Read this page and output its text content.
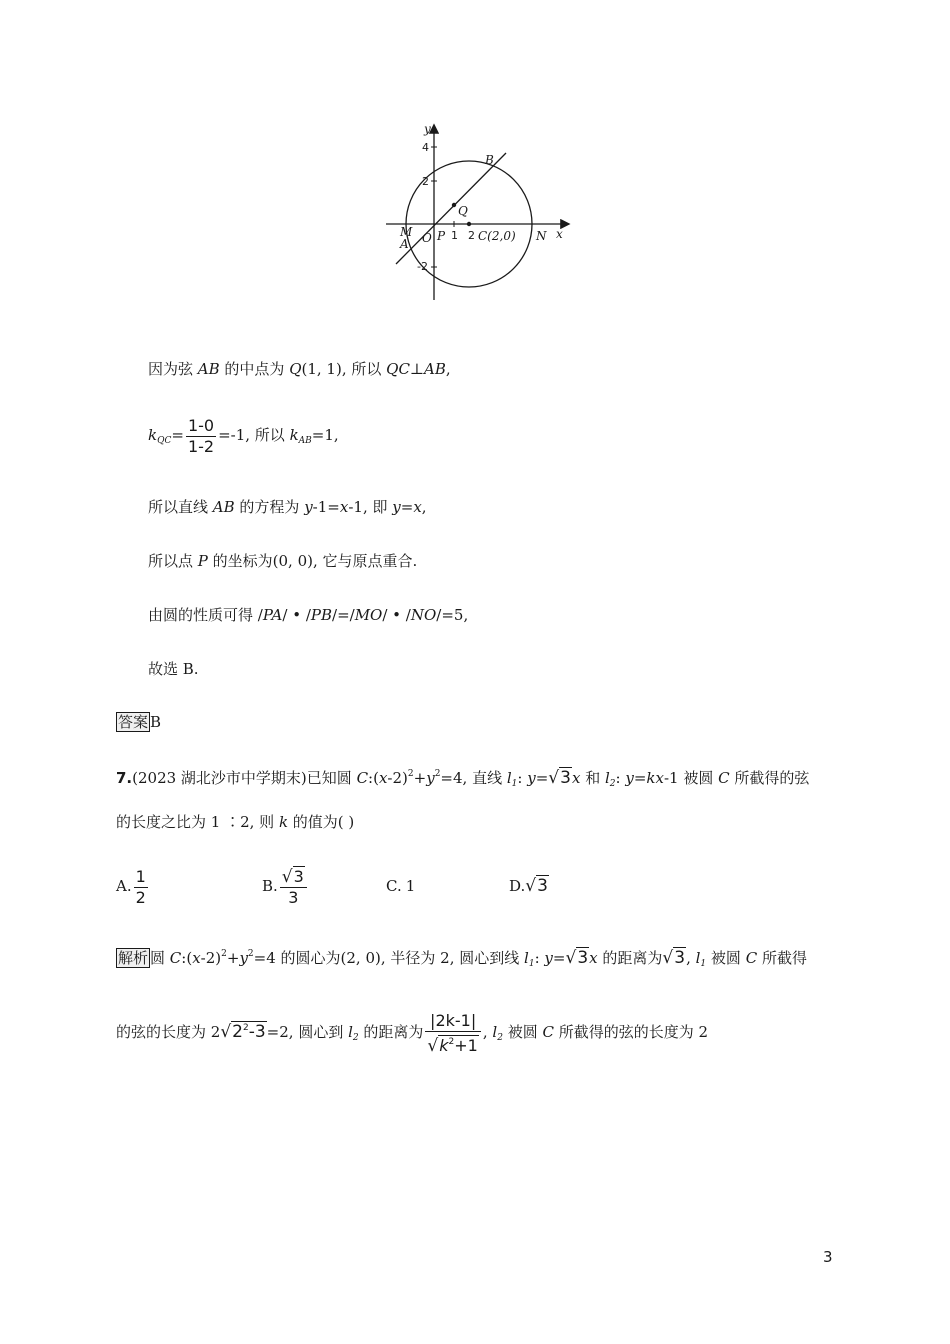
y
x
B
Q
M
A O P	C(2,0) N
4
2
-2
1 2
因为弦 AB 的中点为 Q(1, 1), 所以 QC⊥AB,
$k_{QC}= \frac{1-0}{1-2} =-1$, 所以 $k_{AB}=1$,
所以直线 AB 的方程为 y-1=x-1, 即 y=x,
所以点 P 的坐标为(0, 0), 它与原点重合.
由圆的性质可得 /PA/ • /PB/=/MO/ • /NO/=5,
故选 B.
答案 B
7.(2023 湖北沙市中学期末)已知圆 $C:(x-2)^2+y^2=4$, 直线 $l_1$: y=√3x 和 $l_2$: y=kx-1 被圆 C 所截得的弦
的长度之比为 1 ∶2, 则 k 的值为( )
A. $\frac{1}{2}$	B. $\frac{√3}{3}$	C. 1	D.√3
解析 圆 $C:(x-2)^2+y^2=4$ 的圆心为(2, 0), 半径为 2, 圆心到线 $l_1$: y=√3x 的距离为√3, $l_1$ 被圆 C 所截得
的弦的长度为 $2√2^2-3=2$, 圆心到 $l_2$ 的距离为 $\frac{|2k-1|}{√k^2+1}$ , $l_2$ 被圆 C 所截得的弦的长度为 2
3
